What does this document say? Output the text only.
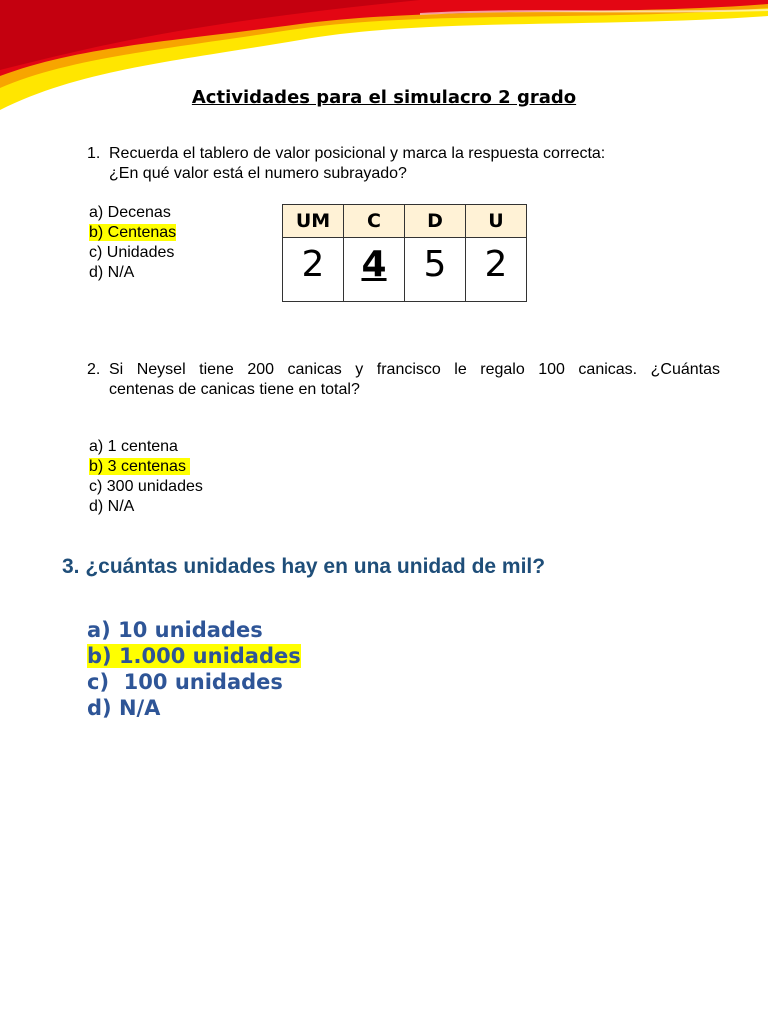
Actividades para el simulacro 2 grado
1. Recuerda el tablero de valor posicional y marca la respuesta correcta:
¿En qué valor está el numero subrayado?
a) Decenas
b) Centenas
c) Unidades
d) N/A
UM	C	D	U
2	4	5	2
2. Si Neysel tiene 200 canicas y francisco le regalo 100 canicas. ¿Cuántas
centenas de canicas tiene en total?
a) 1 centena
b) 3 centenas
c) 300 unidades
d) N/A
3. ¿cuántas unidades hay en una unidad de mil?
a) 10 unidades
b) 1.000 unidades
c)  100 unidades
d) N/A
